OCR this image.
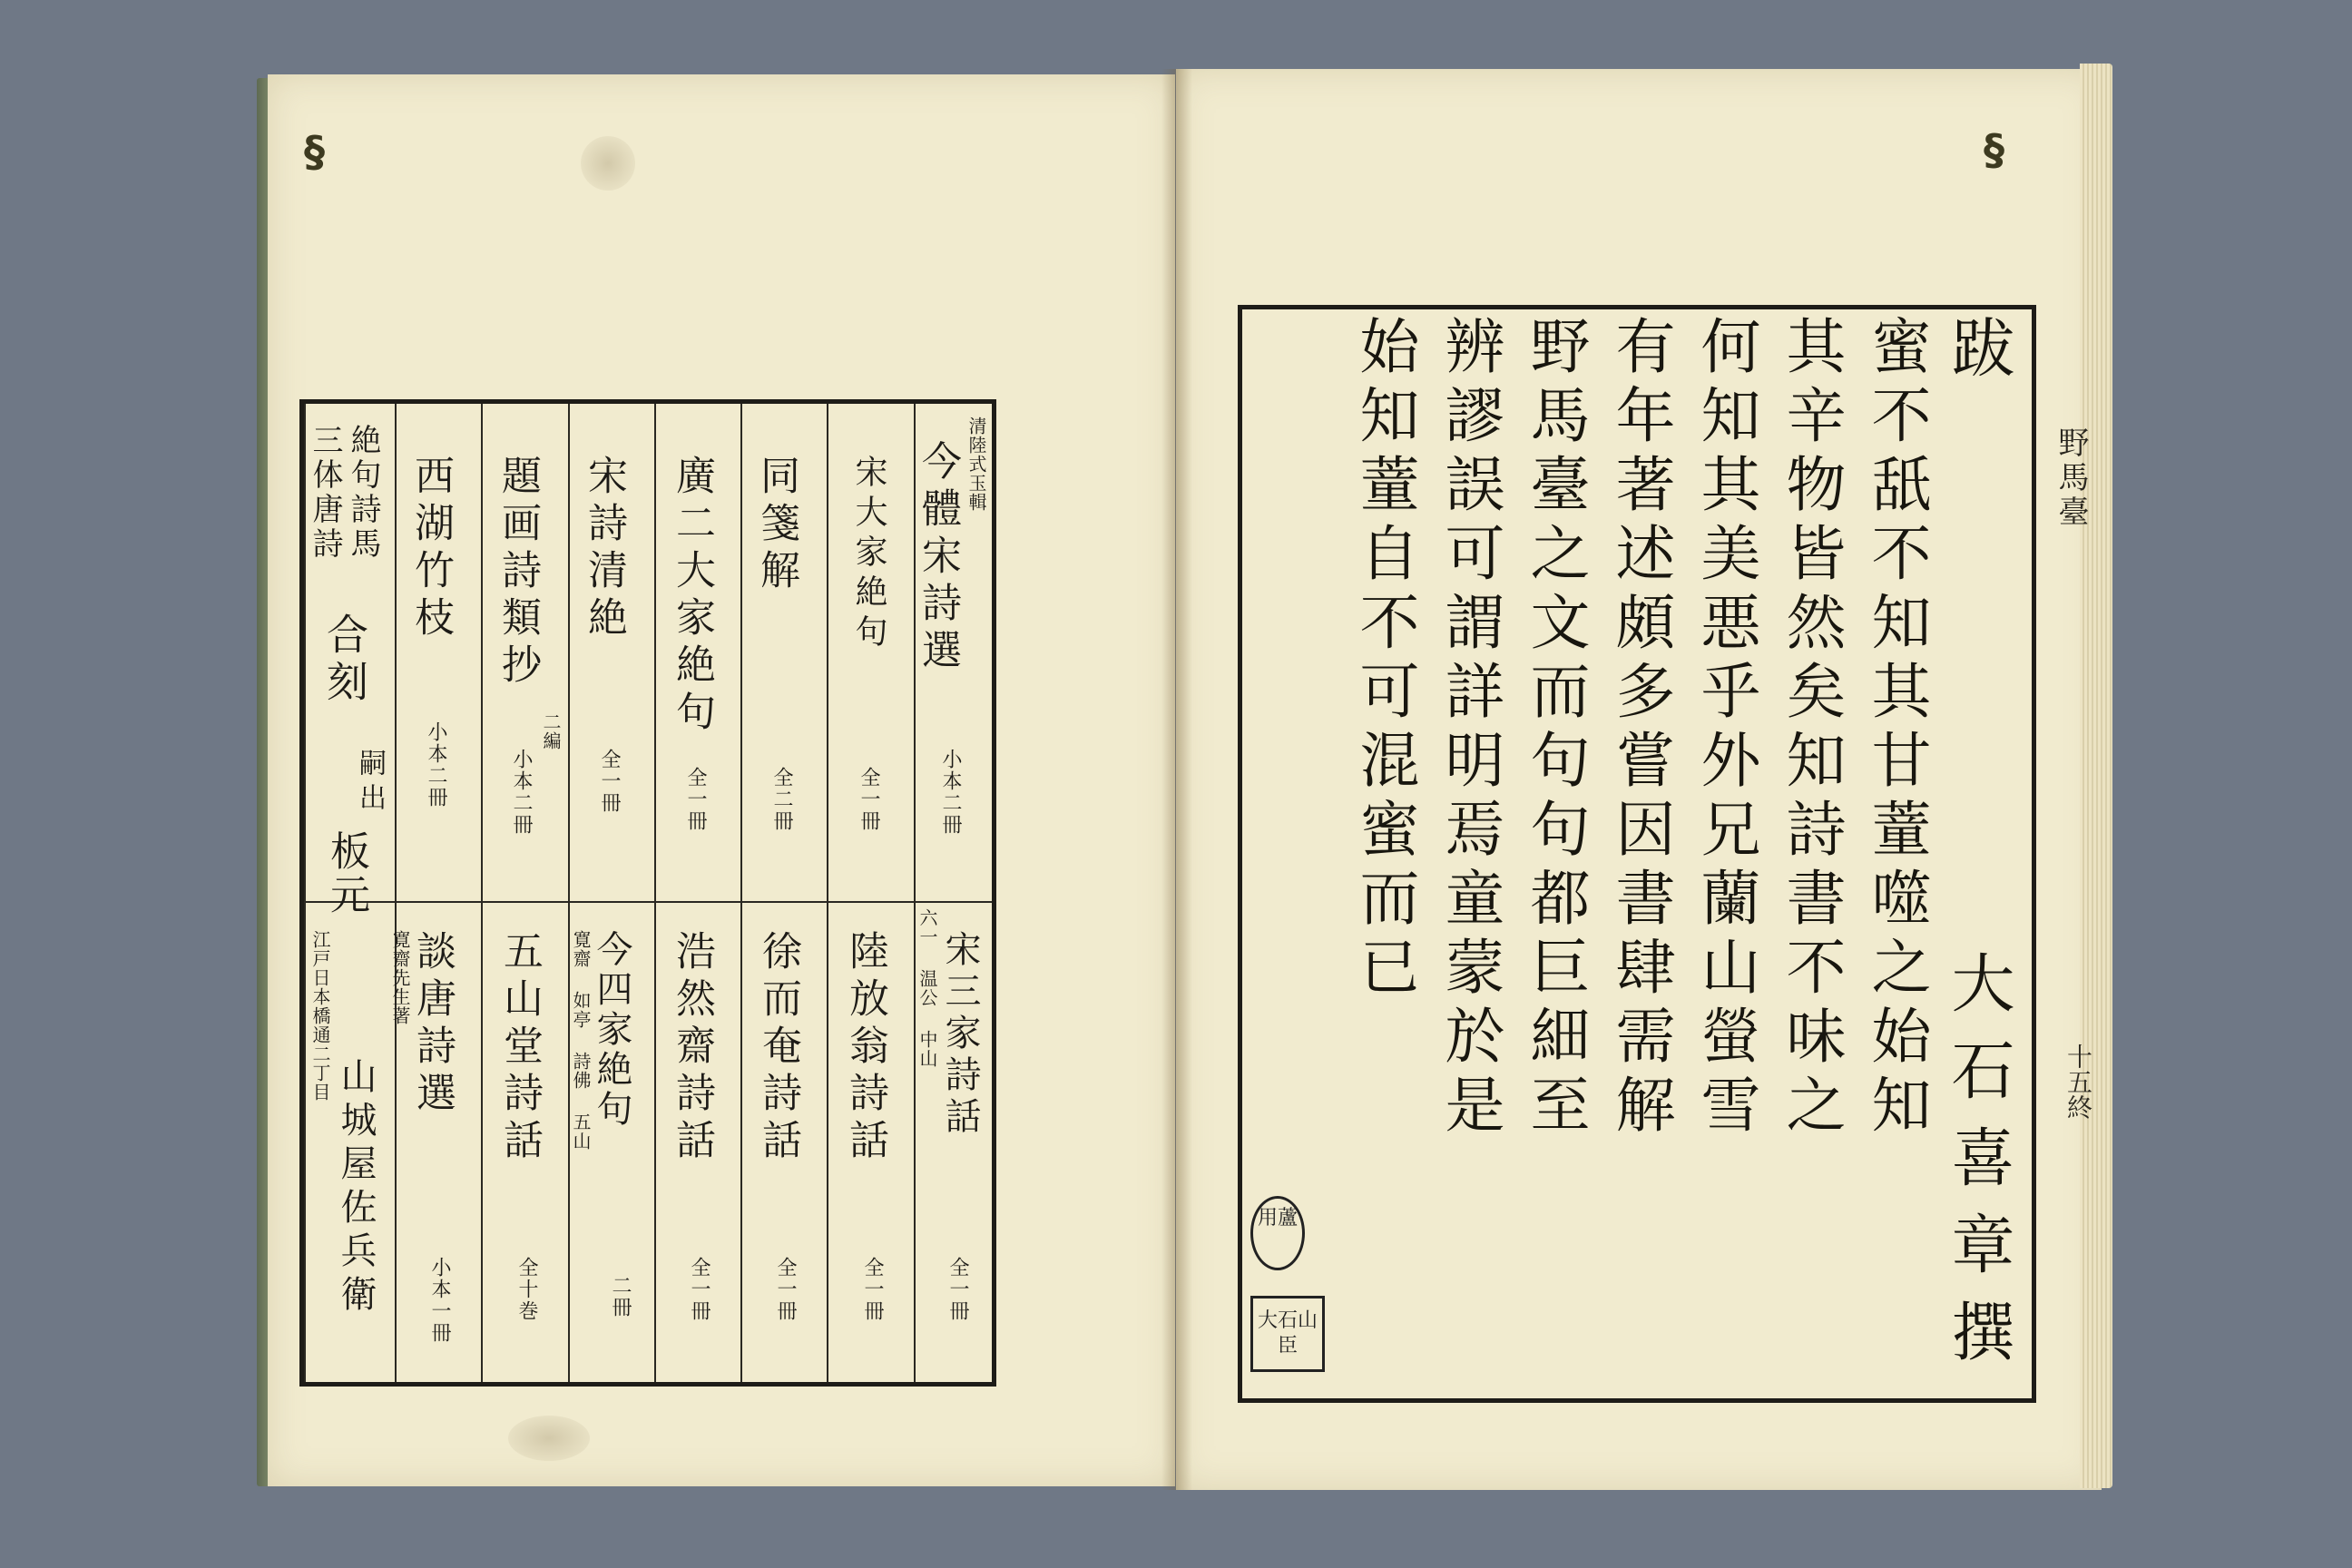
§	§
三体唐詩 絶句詩馬
合刻
嗣出
板元
江戸日本橋通二丁目
山城屋佐兵衛
西湖竹枝
小本二冊
寛齋先生著
談唐詩選
小本一冊
題画詩類抄
二編
小本二冊
五山堂詩話
全十巻
宋詩清絶
全一冊
寛齋 如亭 詩佛 五山 今四家絶句
二冊
廣二大家絶句
全一冊
浩然齋詩話
全一冊
同箋解
全二冊
徐而奄詩話
全一冊
宋大家絶句
全一冊
陸放翁詩話
全一冊
清陸式玉輯
今體宋詩選
小本二冊
六一 温公 中山 宋三家詩話
全一冊
跋
蜜不舐不知其甘蕫噬之始知
其辛物皆然矣知詩書不味之
何知其美悪乎外兄蘭山螢雪
有年著述頗多嘗因書肆需解
野馬臺之文而句句都巨細至
辨謬誤可謂詳明焉童蒙於是
始知蕫自不可混蜜而已
大石喜章撰
用蘆
大石山臣
野馬臺
十五終
